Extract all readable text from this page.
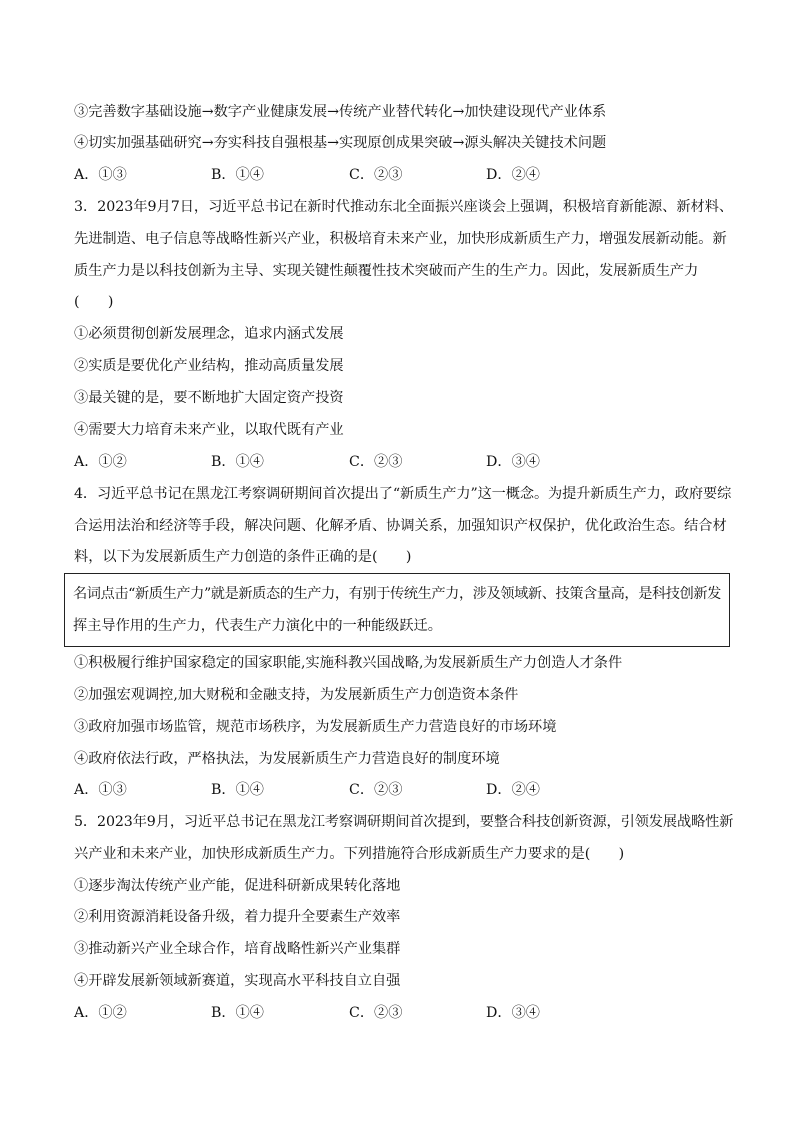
③完善数字基础设施→数字产业健康发展→传统产业替代转化→加快建设现代产业体系
④切实加强基础研究→夯实科技自强根基→实现原创成果突破→源头解决关键技术问题
A．①③	B．①④	C．②③	D．②④
3．2023年9月7日，习近平总书记在新时代推动东北全面振兴座谈会上强调，积极培育新能源、新材料、
先进制造、电子信息等战略性新兴产业，积极培育未来产业，加快形成新质生产力，增强发展新动能。新
质生产力是以科技创新为主导、实现关键性颠覆性技术突破而产生的生产力。因此，发展新质生产力
(　　)
①必须贯彻创新发展理念，追求内涵式发展
②实质是要优化产业结构，推动高质量发展
③最关键的是，要不断地扩大固定资产投资
④需要大力培育未来产业，以取代既有产业
A．①②	B．①④	C．②③	D．③④
4．习近平总书记在黑龙江考察调研期间首次提出了“新质生产力”这一概念。为提升新质生产力，政府要综
合运用法治和经济等手段，解决问题、化解矛盾、协调关系，加强知识产权保护，优化政治生态。结合材
料，以下为发展新质生产力创造的条件正确的是(　　)
名词点击“新质生产力”就是新质态的生产力，有别于传统生产力，涉及领域新、技策含量高，是科技创新发
挥主导作用的生产力，代表生产力演化中的一种能级跃迁。
①积极履行维护国家稳定的国家职能,实施科教兴国战略,为发展新质生产力创造人才条件
②加强宏观调控,加大财税和金融支持，为发展新质生产力创造资本条件
③政府加强市场监管，规范市场秩序，为发展新质生产力营造良好的市场环境
④政府依法行政，严格执法，为发展新质生产力营造良好的制度环境
A．①③	B．①④	C．②③	D．②④
5．2023年9月，习近平总书记在黑龙江考察调研期间首次提到，要整合科技创新资源，引领发展战略性新
兴产业和未来产业，加快形成新质生产力。下列措施符合形成新质生产力要求的是(　　)
①逐步淘汰传统产业产能，促进科研新成果转化落地
②利用资源消耗设备升级，着力提升全要素生产效率
③推动新兴产业全球合作，培育战略性新兴产业集群
④开辟发展新领域新赛道，实现高水平科技自立自强
A．①②	B．①④	C．②③	D．③④
